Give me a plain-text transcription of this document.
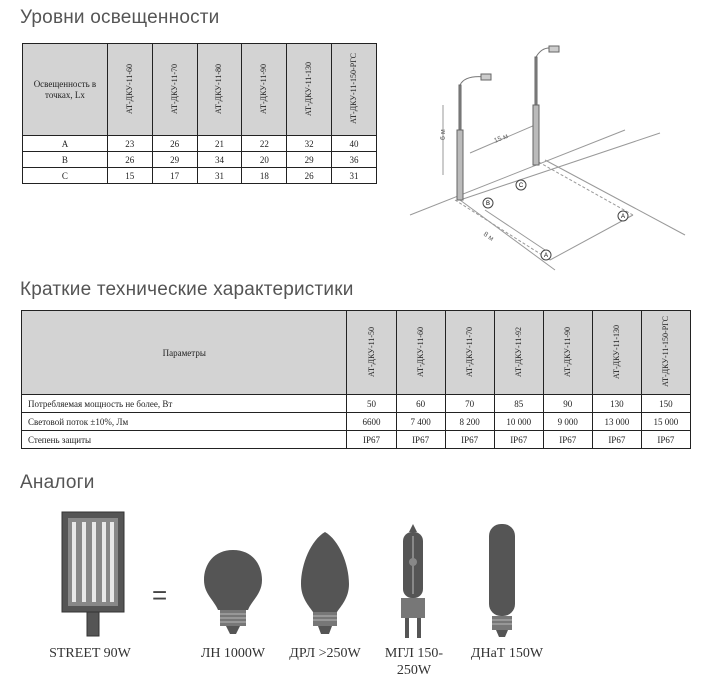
Уровни освещенности
Краткие технические характеристики
Аналоги
Освещенность в точках, Lx	АТ-ДКУ-11-60	АТ-ДКУ-11-70	АТ-ДКУ-11-80	АТ-ДКУ-11-90	АТ-ДКУ-11-130	АТ-ДКУ-11-150-РГС
A	23	26	21	22	32	40
B	26	29	34	20	29	36
C	15	17	31	18	26	31
6 м	15 м
8 м
B
C
A
A
Параметры	АТ-ДКУ-11-50	АТ-ДКУ-11-60	АТ-ДКУ-11-70	АТ-ДКУ-11-92	АТ-ДКУ-11-90	АТ-ДКУ-11-130	АТ-ДКУ-11-150-РГС
Потребляемая мощность не более, Вт	50	60	70	85	90	130	150
Световой поток ±10%, Лм	6600	7 400	8 200	10 000	9 000	13 000	15 000
Степень защиты	IP67	IP67	IP67	IP67	IP67	IP67	IP67
=
STREET 90W	ЛН 1000W	ДРЛ >250W	МГЛ 150-250W
ДНаТ 150W
